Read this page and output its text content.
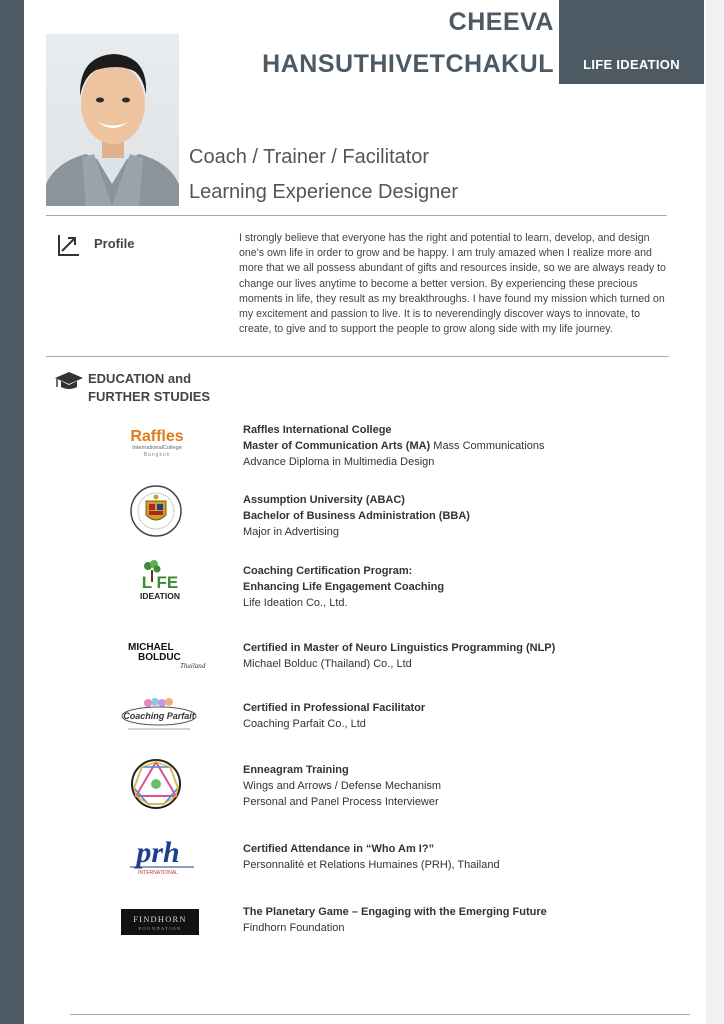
LIFE IDEATION
CHEEVA
HANSUTHIVETCHAKUL
Coach / Trainer / Facilitator
Learning Experience Designer
Profile	I strongly believe that everyone has the right and potential to learn, develop, and design one's own life in order to grow and be happy. I am truly amazed when I realize more and more that we all possess abundant of gifts and resources inside, so we are always ready to change our lives anytime to become a better version. By experiencing these precious moments in life, they result as my breakthroughs. I have found my mission which turned on my excitement and passion to live. It is to neverendingly discover ways to innovate, to create, to give and to support the people to grow along side with my life journey.

EDUCATION and
FURTHER STUDIES
Raffles
InternationalCollege
Bangkok
Raffles International College
Master of Communication Arts (MA) Mass Communications
Advance Diploma in Multimedia Design
Assumption University (ABAC)
Bachelor of Business Administration (BBA)
Major in Advertising
L FE
IDEATION
Coaching Certification Program:
Enhancing Life Engagement Coaching
Life Ideation Co., Ltd.
MICHAEL
BOLDUC
Thailand
Certified in Master of Neuro Linguistics Programming (NLP)
Michael Bolduc (Thailand) Co., Ltd
Coaching Parfait
Certified in Professional Facilitator
Coaching Parfait Co., Ltd
Enneagram Training
Wings and Arrows / Defense Mechanism
Personal and Panel Process Interviewer
prh
INTERNATIONAL
Certified Attendance in “Who Am I?”
Personnalité et Relations Humaines (PRH), Thailand
FINDHORN
FOUNDATION
The Planetary Game – Engaging with the Emerging Future
Findhorn Foundation
